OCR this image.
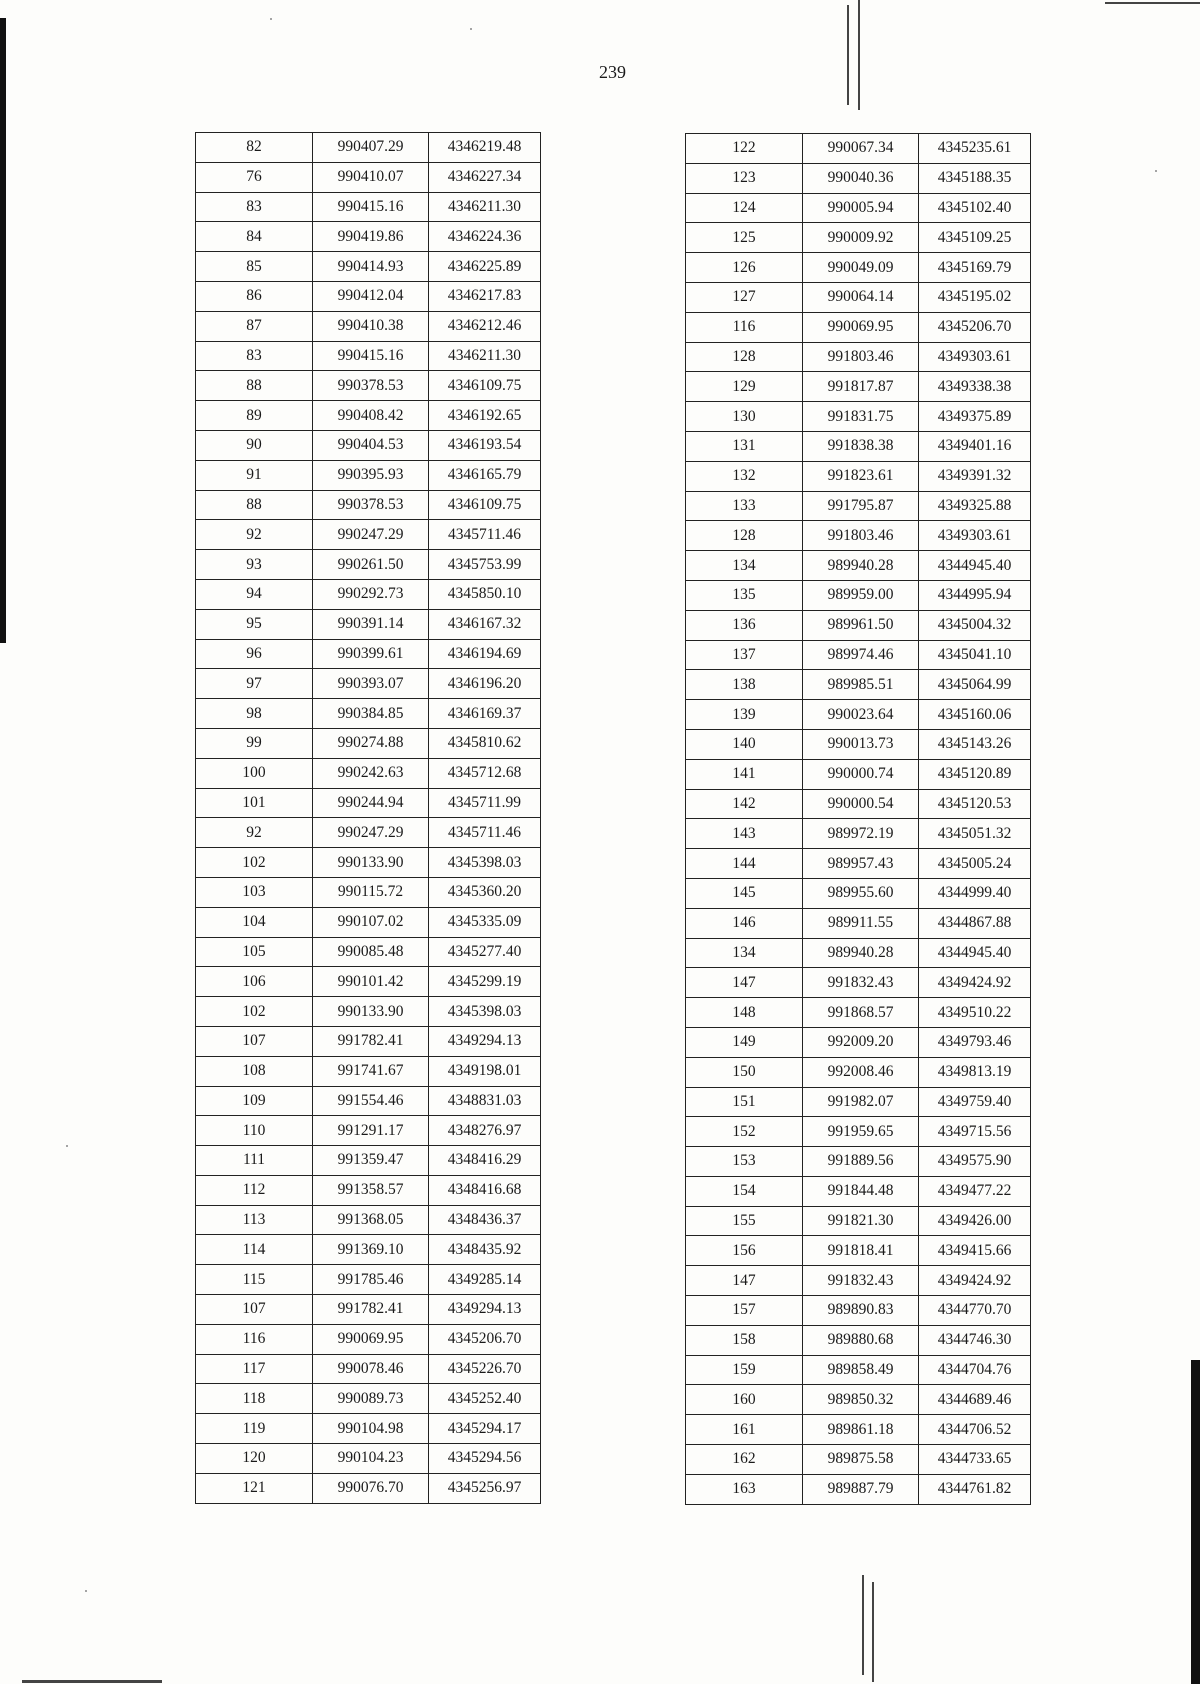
239
82	990407.29	4346219.48
76	990410.07	4346227.34
83	990415.16	4346211.30
84	990419.86	4346224.36
85	990414.93	4346225.89
86	990412.04	4346217.83
87	990410.38	4346212.46
83	990415.16	4346211.30
88	990378.53	4346109.75
89	990408.42	4346192.65
90	990404.53	4346193.54
91	990395.93	4346165.79
88	990378.53	4346109.75
92	990247.29	4345711.46
93	990261.50	4345753.99
94	990292.73	4345850.10
95	990391.14	4346167.32
96	990399.61	4346194.69
97	990393.07	4346196.20
98	990384.85	4346169.37
99	990274.88	4345810.62
100	990242.63	4345712.68
101	990244.94	4345711.99
92	990247.29	4345711.46
102	990133.90	4345398.03
103	990115.72	4345360.20
104	990107.02	4345335.09
105	990085.48	4345277.40
106	990101.42	4345299.19
102	990133.90	4345398.03
107	991782.41	4349294.13
108	991741.67	4349198.01
109	991554.46	4348831.03
110	991291.17	4348276.97
111	991359.47	4348416.29
112	991358.57	4348416.68
113	991368.05	4348436.37
114	991369.10	4348435.92
115	991785.46	4349285.14
107	991782.41	4349294.13
116	990069.95	4345206.70
117	990078.46	4345226.70
118	990089.73	4345252.40
119	990104.98	4345294.17
120	990104.23	4345294.56
121	990076.70	4345256.97
122	990067.34	4345235.61
123	990040.36	4345188.35
124	990005.94	4345102.40
125	990009.92	4345109.25
126	990049.09	4345169.79
127	990064.14	4345195.02
116	990069.95	4345206.70
128	991803.46	4349303.61
129	991817.87	4349338.38
130	991831.75	4349375.89
131	991838.38	4349401.16
132	991823.61	4349391.32
133	991795.87	4349325.88
128	991803.46	4349303.61
134	989940.28	4344945.40
135	989959.00	4344995.94
136	989961.50	4345004.32
137	989974.46	4345041.10
138	989985.51	4345064.99
139	990023.64	4345160.06
140	990013.73	4345143.26
141	990000.74	4345120.89
142	990000.54	4345120.53
143	989972.19	4345051.32
144	989957.43	4345005.24
145	989955.60	4344999.40
146	989911.55	4344867.88
134	989940.28	4344945.40
147	991832.43	4349424.92
148	991868.57	4349510.22
149	992009.20	4349793.46
150	992008.46	4349813.19
151	991982.07	4349759.40
152	991959.65	4349715.56
153	991889.56	4349575.90
154	991844.48	4349477.22
155	991821.30	4349426.00
156	991818.41	4349415.66
147	991832.43	4349424.92
157	989890.83	4344770.70
158	989880.68	4344746.30
159	989858.49	4344704.76
160	989850.32	4344689.46
161	989861.18	4344706.52
162	989875.58	4344733.65
163	989887.79	4344761.82
